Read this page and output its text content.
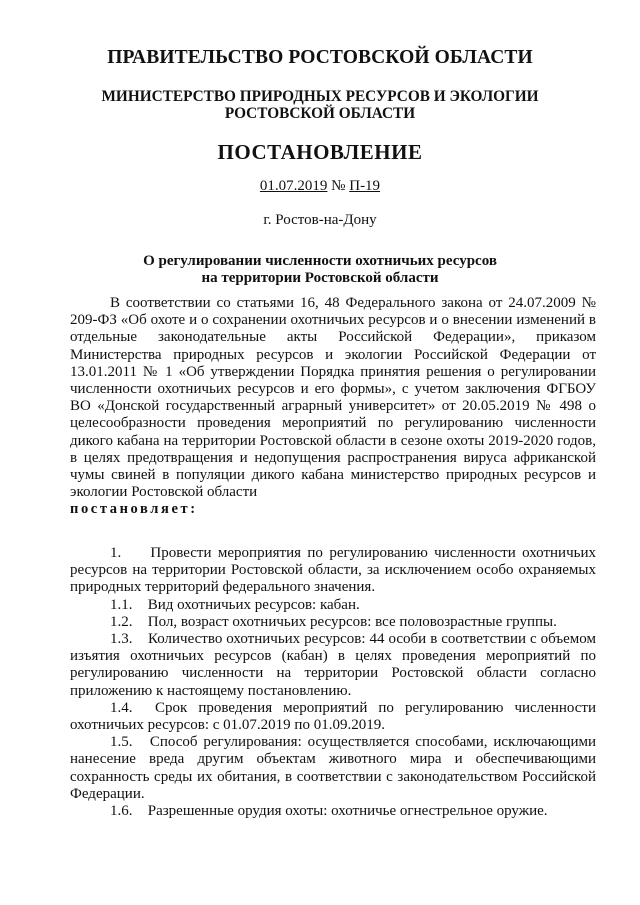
ПРАВИТЕЛЬСТВО РОСТОВСКОЙ ОБЛАСТИ
МИНИСТЕРСТВО ПРИРОДНЫХ РЕСУРСОВ И ЭКОЛОГИИ
РОСТОВСКОЙ ОБЛАСТИ
ПОСТАНОВЛЕНИЕ
01.07.2019 № П-19
г. Ростов-на-Дону
О регулировании численности охотничьих ресурсов
на территории Ростовской области

В соответствии со статьями 16, 48 Федерального закона от 24.07.2009 № 209-ФЗ «Об охоте и о сохранении охотничьих ресурсов и о внесении изменений в отдельные законодательные акты Российской Федерации», приказом Министерства природных ресурсов и экологии Российской Федерации от 13.01.2011 № 1 «Об утверждении Порядка принятия решения о регулировании численности охотничьих ресурсов и его формы», с учетом заключения ФГБОУ ВО «Донской государственный аграрный университет» от 20.05.2019 № 498 о целесообразности проведения мероприятий по регулированию численности дикого кабана на территории Ростовской области в сезоне охоты 2019-2020 годов, в целях предотвращения и недопущения распространения вируса африканской чумы свиней в популяции дикого кабана министерство природных ресурсов и экологии Ростовской области

постановляет:

1. Провести мероприятия по регулированию численности охотничьих ресурсов на территории Ростовской области, за исключением особо охраняемых природных территорий федерального значения.

1.1. Вид охотничьих ресурсов: кабан.

1.2. Пол, возраст охотничьих ресурсов: все половозрастные группы.

1.3. Количество охотничьих ресурсов: 44 особи в соответствии с объемом изъятия охотничьих ресурсов (кабан) в целях проведения мероприятий по регулированию численности на территории Ростовской области согласно приложению к настоящему постановлению.

1.4. Срок проведения мероприятий по регулированию численности охотничьих ресурсов: с 01.07.2019 по 01.09.2019.

1.5. Способ регулирования: осуществляется способами, исключающими нанесение вреда другим объектам животного мира и обеспечивающими сохранность среды их обитания, в соответствии с законодательством Российской Федерации.

1.6. Разрешенные орудия охоты: охотничье огнестрельное оружие.
